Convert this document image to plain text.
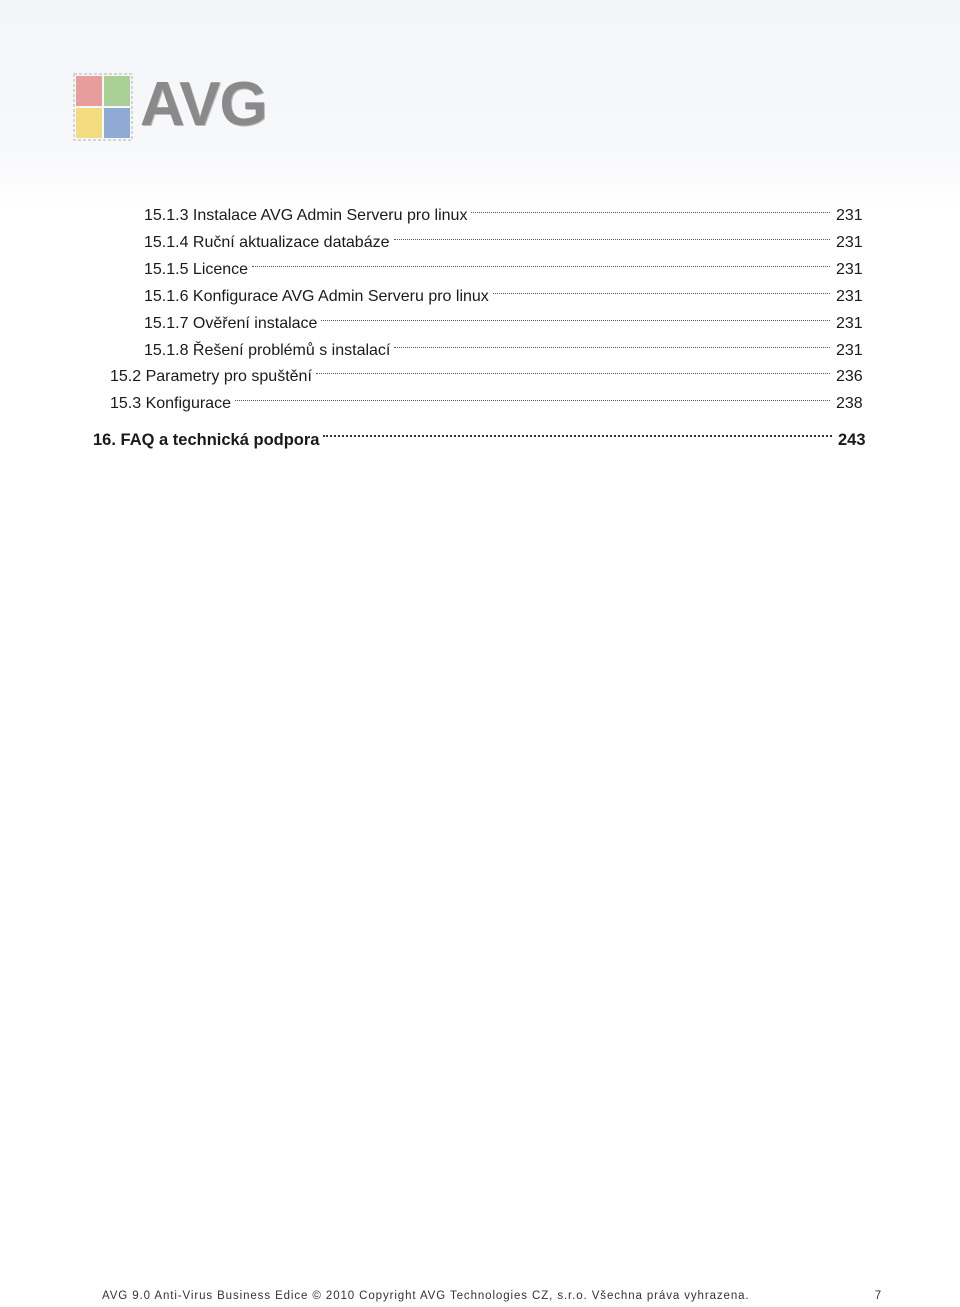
AVG
15.1.3 Instalace AVG Admin Serveru pro linux	231
15.1.4 Ruční aktualizace databáze	231
15.1.5 Licence	231
15.1.6 Konfigurace AVG Admin Serveru pro linux	231
15.1.7 Ověření instalace	231
15.1.8 Řešení problémů s instalací	231
15.2 Parametry pro spuštění	236
15.3 Konfigurace	238
16. FAQ a technická podpora	243
AVG 9.0 Anti-Virus Business Edice © 2010 Copyright AVG Technologies CZ, s.r.o. Všechna práva vyhrazena.	7
